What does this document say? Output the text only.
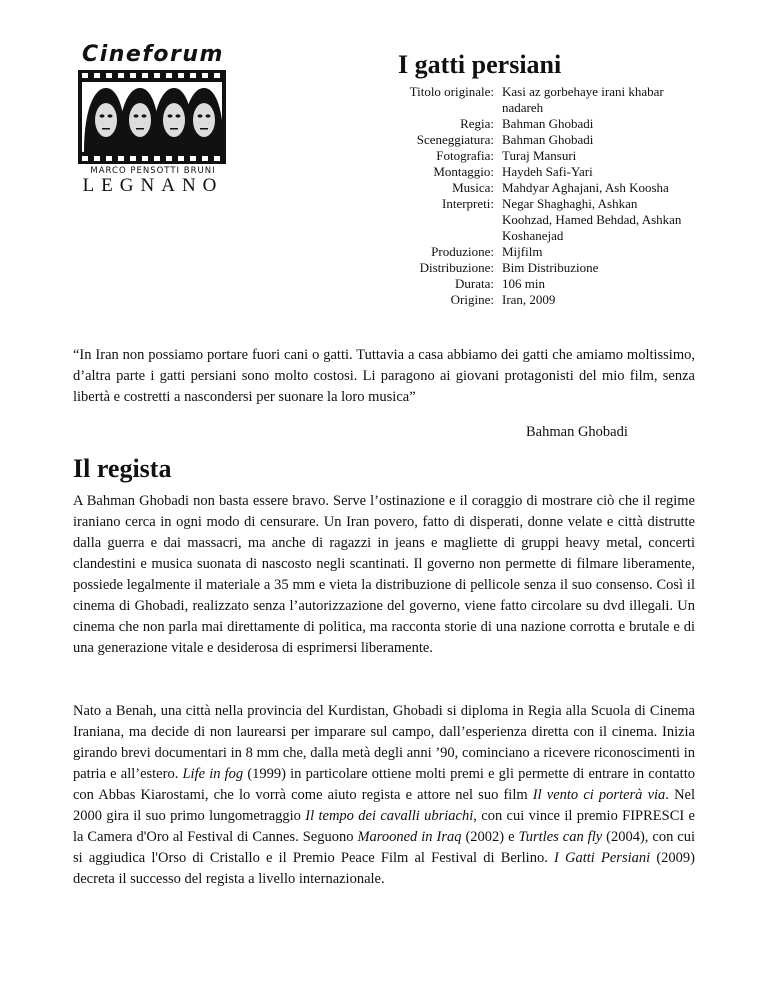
Cineforum
MARCO PENSOTTI BRUNI
LEGNANO
I gatti persiani
Titolo originale: Kasi az gorbehaye irani khabar nadareh
Regia: Bahman Ghobadi
Sceneggiatura: Bahman Ghobadi
Fotografia: Turaj Mansuri
Montaggio: Haydeh Safi-Yari
Musica: Mahdyar Aghajani, Ash Koosha
Interpreti: Negar Shaghaghi, Ashkan Koohzad, Hamed Behdad, Ashkan Koshanejad
Produzione: Mijfilm
Distribuzione: Bim Distribuzione
Durata: 106 min
Origine: Iran, 2009

“In Iran non possiamo portare fuori cani o gatti. Tuttavia a casa abbiamo dei gatti che amiamo moltissimo, d’altra parte i gatti persiani sono molto costosi. Li paragono ai giovani protagonisti del mio film, senza libertà e costretti a nascondersi per suonare la loro musica”

Bahman Ghobadi
Il regista

A Bahman Ghobadi non basta essere bravo. Serve l’ostinazione e il coraggio di mostrare ciò che il regime iraniano cerca in ogni modo di censurare. Un Iran povero, fatto di disperati, donne velate e città distrutte dalla guerra e dai massacri, ma anche di ragazzi in jeans e magliette di gruppi heavy metal, concerti clandestini e musica suonata di nascosto negli scantinati. Il governo non permette di filmare liberamente, possiede legalmente il materiale a 35 mm e vieta la distribuzione di pellicole senza il suo consenso. Così il cinema di Ghobadi, realizzato senza l’autorizzazione del governo, viene fatto circolare su dvd illegali. Un cinema che non parla mai direttamente di politica, ma racconta storie di una nazione corrotta e brutale e di una generazione vitale e desiderosa di esprimersi liberamente.

Nato a Benah, una città nella provincia del Kurdistan, Ghobadi si diploma in Regia alla Scuola di Cinema Iraniana, ma decide di non laurearsi per imparare sul campo, dall’esperienza diretta con il cinema. Inizia girando brevi documentari in 8 mm che, dalla metà degli anni ’90, cominciano a ricevere riconoscimenti in patria e all’estero. Life in fog (1999) in particolare ottiene molti premi e gli permette di entrare in contatto con Abbas Kiarostami, che lo vorrà come aiuto regista e attore nel suo film Il vento ci porterà via. Nel 2000 gira il suo primo lungometraggio Il tempo dei cavalli ubriachi, con cui vince il premio FIPRESCI e la Camera d'Oro al Festival di Cannes. Seguono Marooned in Iraq (2002) e Turtles can fly (2004), con cui si aggiudica l'Orso di Cristallo e il Premio Peace Film al Festival di Berlino. I Gatti Persiani (2009) decreta il successo del regista a livello internazionale.
